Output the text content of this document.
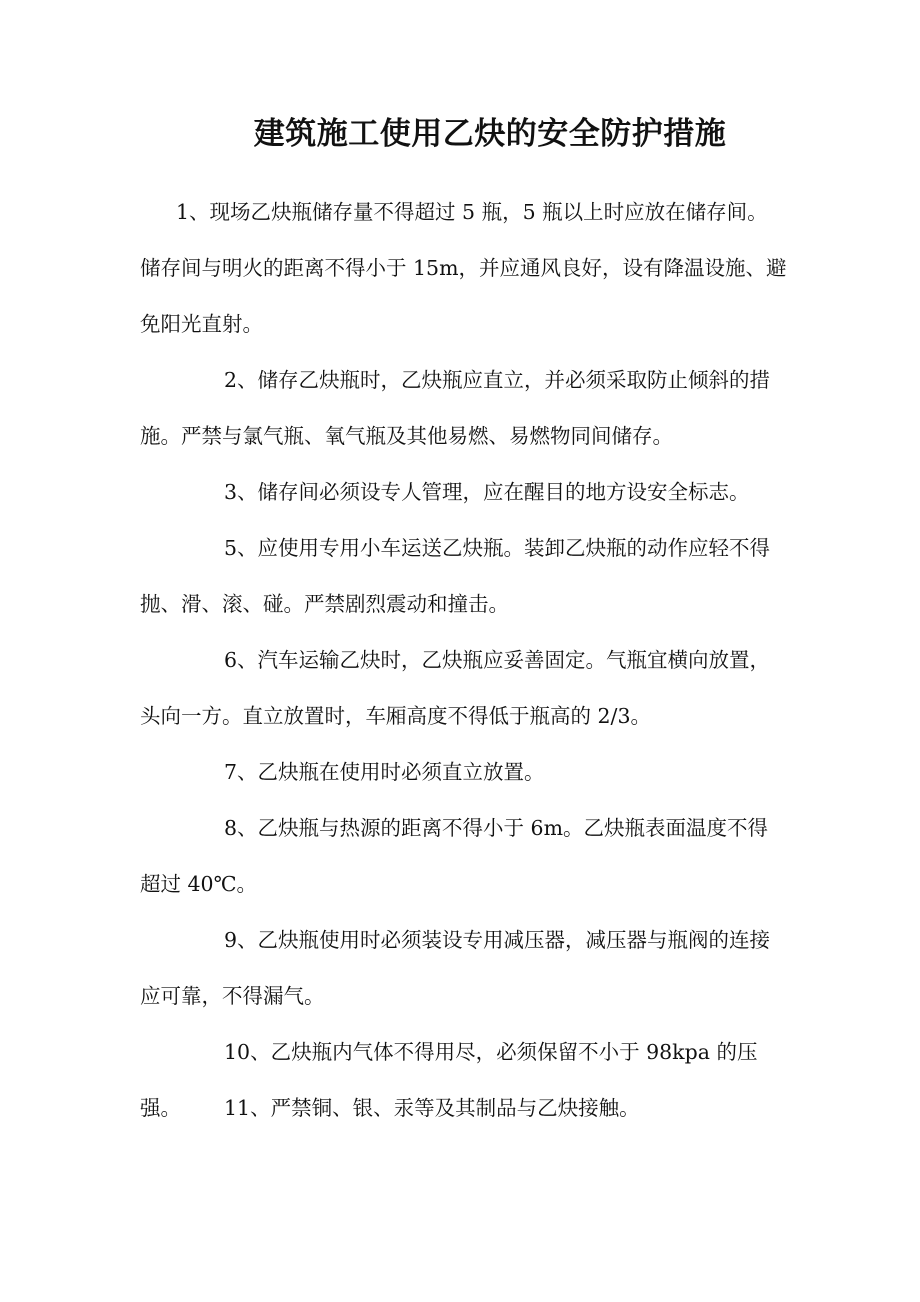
建筑施工使用乙炔的安全防护措施

1、现场乙炔瓶储存量不得超过 5 瓶，5 瓶以上时应放在储存间。储存间与明火的距离不得小于 15m，并应通风良好，设有降温设施、避免阳光直射。

2、储存乙炔瓶时，乙炔瓶应直立，并必须采取防止倾斜的措施。严禁与氯气瓶、氧气瓶及其他易燃、易燃物同间储存。

3、储存间必须设专人管理，应在醒目的地方设安全标志。

5、应使用专用小车运送乙炔瓶。装卸乙炔瓶的动作应轻不得抛、滑、滚、碰。严禁剧烈震动和撞击。

6、汽车运输乙炔时，乙炔瓶应妥善固定。气瓶宜横向放置，头向一方。直立放置时，车厢高度不得低于瓶高的 2/3。

7、乙炔瓶在使用时必须直立放置。

8、乙炔瓶与热源的距离不得小于 6m。乙炔瓶表面温度不得超过 40℃。

9、乙炔瓶使用时必须装设专用减压器，减压器与瓶阀的连接应可靠，不得漏气。

10、乙炔瓶内气体不得用尽，必须保留不小于 98kpa 的压强。	11、严禁铜、银、汞等及其制品与乙炔接触。
